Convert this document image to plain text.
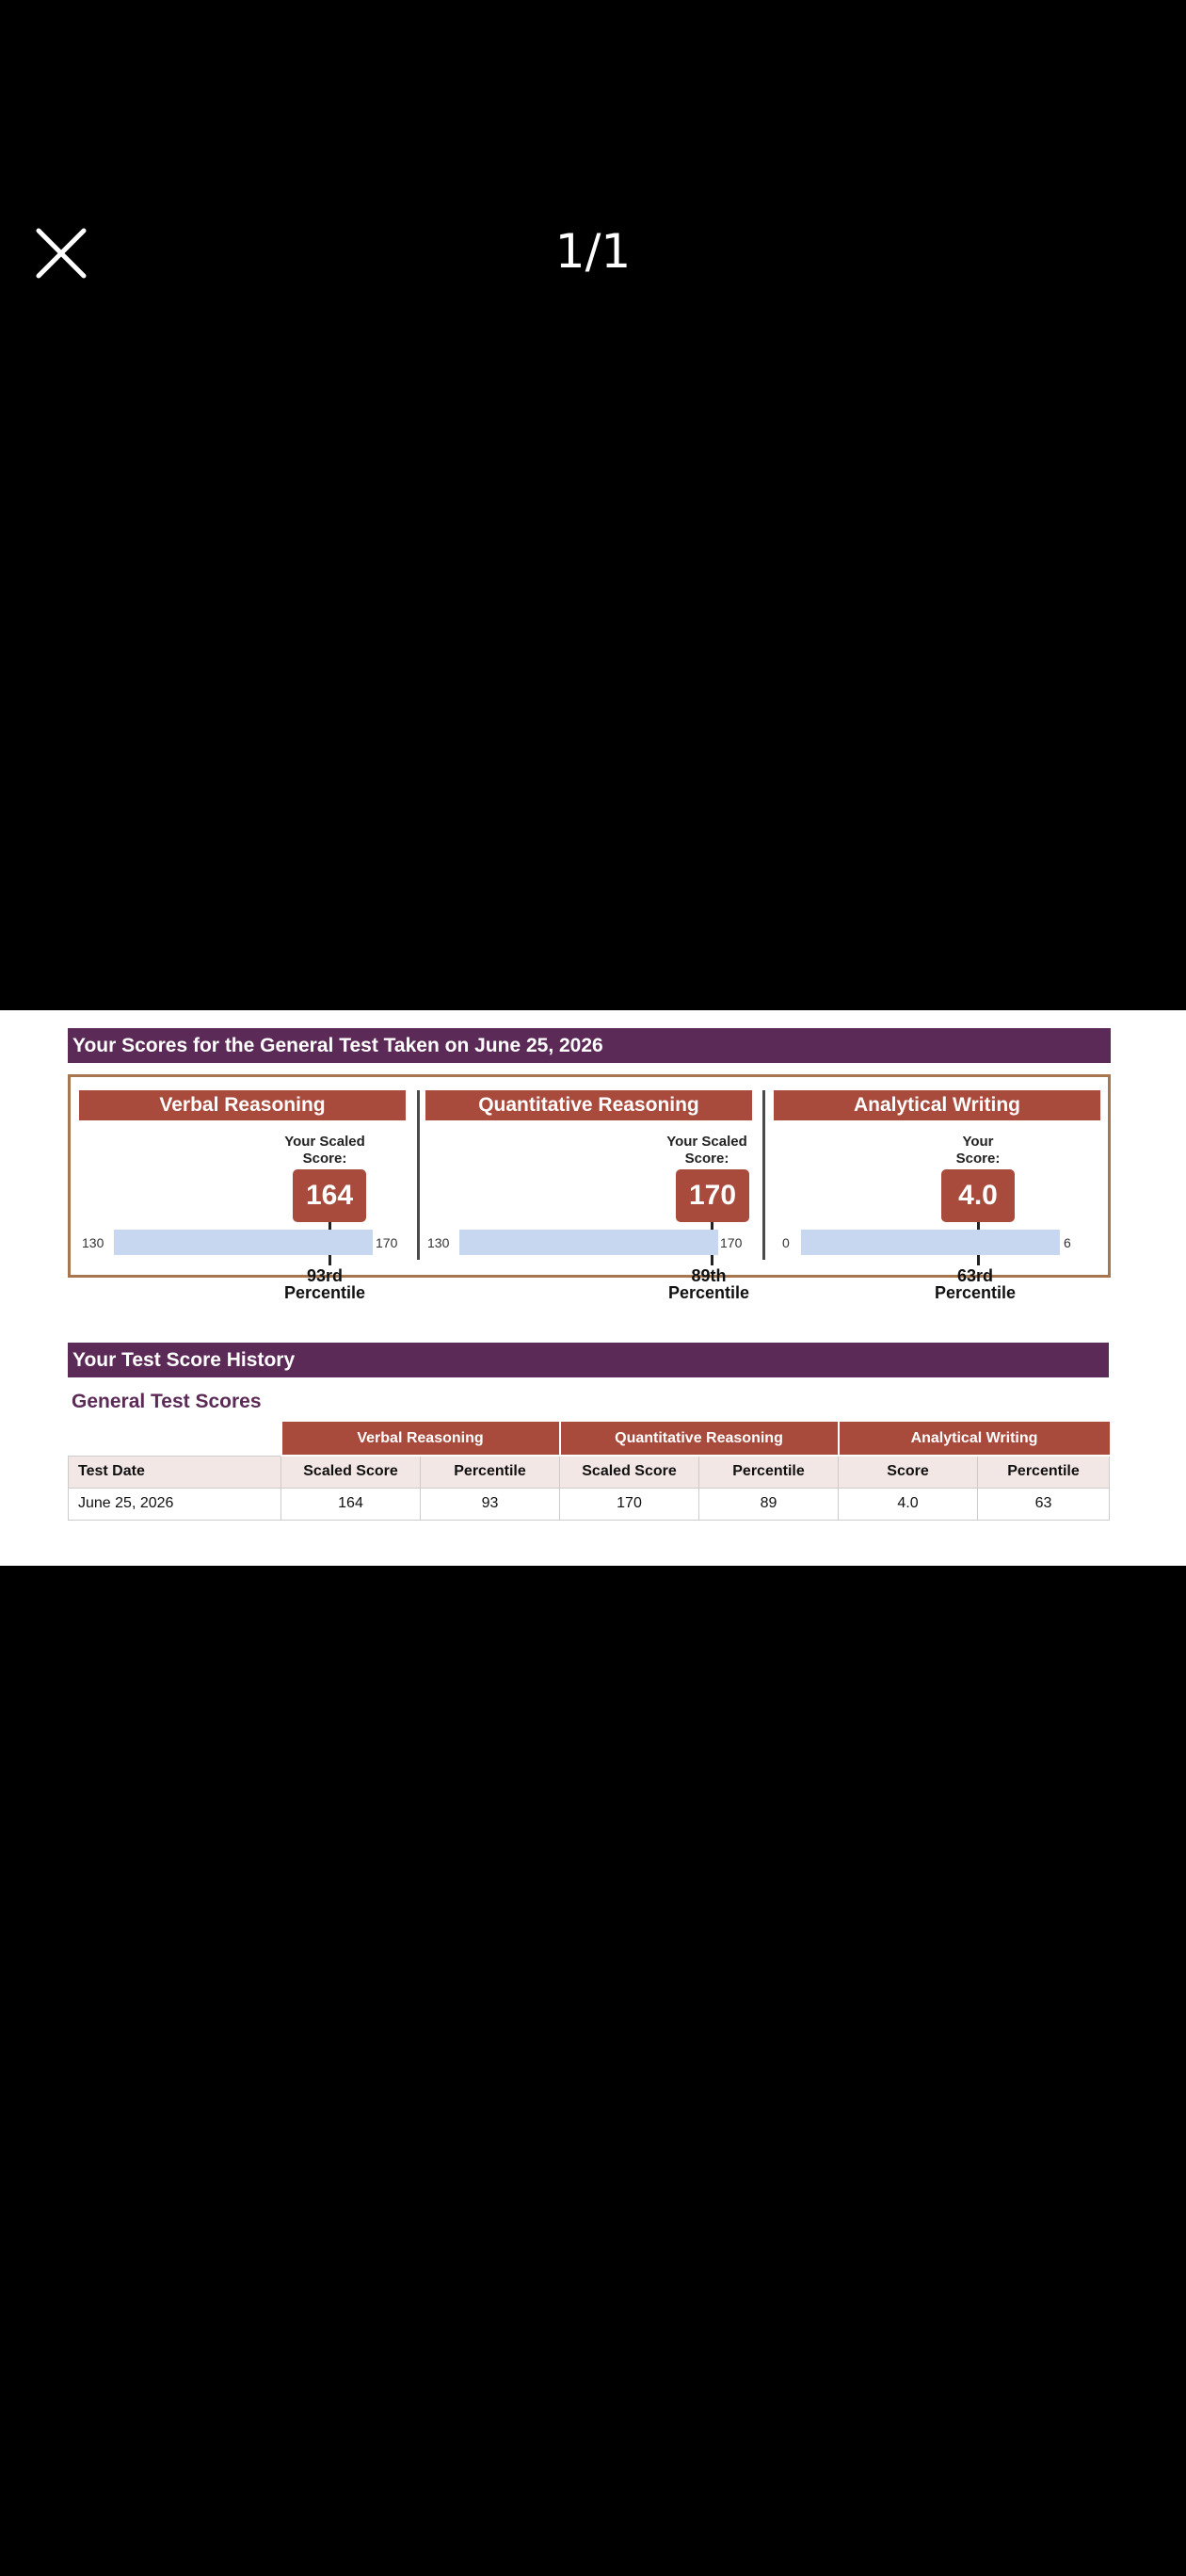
1/1
Your Scores for the General Test Taken on June 25, 2026
Verbal Reasoning
Your Scaled Score:
164
130	170
93rd Percentile
Quantitative Reasoning
Your Scaled Score:
170
130	170
89th Percentile
Analytical Writing
Your Score:
4.0
0	6
63rd Percentile
Your Test Score History
General Test Scores
	Verbal Reasoning		Quantitative Reasoning		Analytical Writing	
Test Date	Scaled Score	Percentile	Scaled Score	Percentile	Score	Percentile
June 25, 2026	164	93	170	89	4.0	63
